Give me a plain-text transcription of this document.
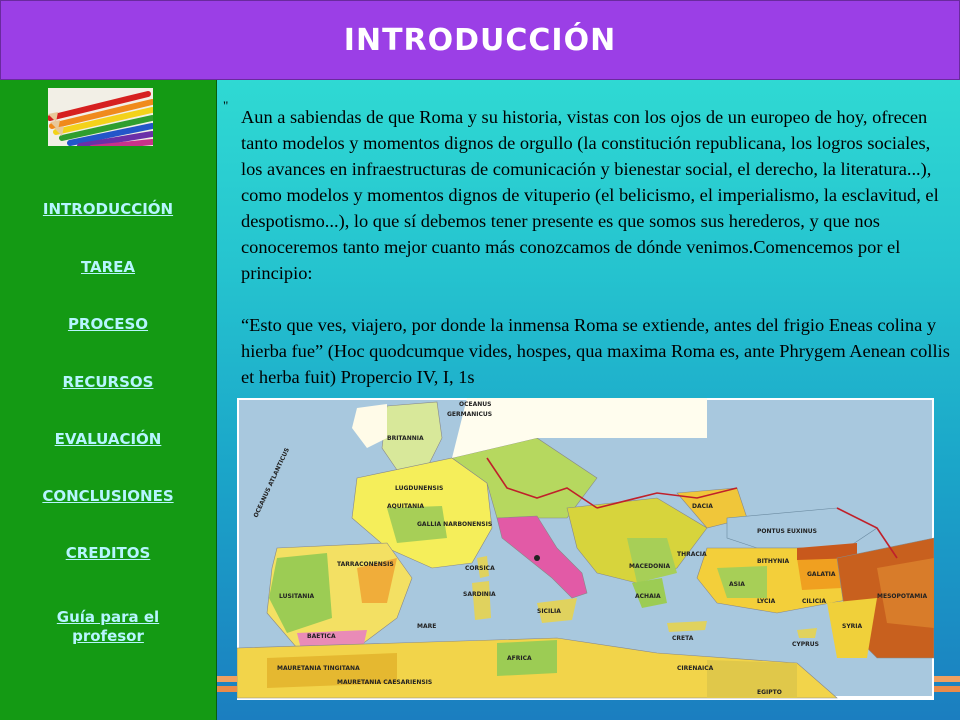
INTRODUCCIÓN
INTRODUCCIÓN
TAREA
PROCESO
RECURSOS
EVALUACIÓN
CONCLUSIONES
CREDITOS
Guía para el profesor
"

Aun a sabiendas de que Roma y su historia, vistas con los ojos de un europeo de hoy, ofrecen tanto modelos y momentos dignos de orgullo (la constitución republicana, los logros sociales, los avances en infraestructuras de comunicación y bienestar social, el derecho, la literatura...), como modelos y momentos dignos de vituperio (el belicismo, el imperialismo, la esclavitud, el despotismo...), lo que sí debemos tener presente es que somos sus herederos, y que nos conoceremos tanto mejor cuanto más conozcamos de dónde venimos.Comencemos por el principio:

“Esto que ves, viajero, por donde la inmensa Roma se extiende, antes del frigio Eneas colina y hierba fue” (Hoc quodcumque vides, hospes, qua maxima Roma es, ante Phrygem Aenean collis et herba fuit) Propercio IV, I, 1s

OCEANUS
GERMANICUS
OCEANUS ATLANTICUS
BRITANNIA
LUGDUNENSIS
AQUITANIA
GALLIA NARBONENSIS
TARRACONENSIS
LUSITANIA
BAETICA
CORSICA
SARDINIA
SICILIA
MARE
MAURETANIA TINGITANA
MAURETANIA CAESARIENSIS
AFRICA
DACIA
THRACIA
MACEDONIA
ACHAIA
PONTUS EUXINUS
BITHYNIA
GALATIA
ASIA
LYCIA	CILICIA
SYRIA
MESOPOTAMIA
CYPRUS
CRETA
CIRENAICA
EGIPTO
